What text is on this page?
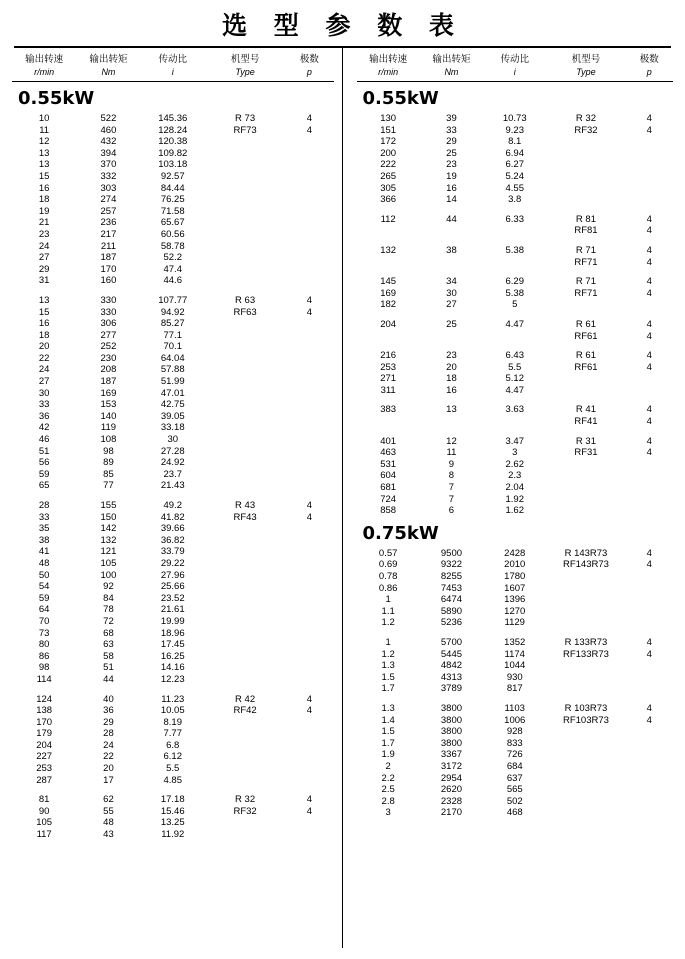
选 型 参 数 表
输出转速	输出转矩	传动比	机型号	极数
r/min	Nm	i	Type	p
0.55kW
10	522	145.36	R 73	4
11	460	128.24	RF73	4
12	432	120.38		
13	394	109.82		
13	370	103.18		
15	332	92.57		
16	303	84.44		
18	274	76.25		
19	257	71.58		
21	236	65.67		
23	217	60.56		
24	211	58.78		
27	187	52.2		
29	170	47.4		
31	160	44.6		

13	330	107.77	R 63	4
15	330	94.92	RF63	4
16	306	85.27		
18	277	77.1		
20	252	70.1		
22	230	64.04		
24	208	57.88		
27	187	51.99		
30	169	47.01		
33	153	42.75		
36	140	39.05		
42	119	33.18		
46	108	30		
51	98	27.28		
56	89	24.92		
59	85	23.7		
65	77	21.43		

28	155	49.2	R 43	4
33	150	41.82	RF43	4
35	142	39.66		
38	132	36.82		
41	121	33.79		
48	105	29.22		
50	100	27.96		
54	92	25.66		
59	84	23.52		
64	78	21.61		
70	72	19.99		
73	68	18.96		
80	63	17.45		
86	58	16.25		
98	51	14.16		
114	44	12.23		

124	40	11.23	R 42	4
138	36	10.05	RF42	4
170	29	8.19		
179	28	7.77		
204	24	6.8		
227	22	6.12		
253	20	5.5		
287	17	4.85		

81	62	17.18	R 32	4
90	55	15.46	RF32	4
105	48	13.25		
117	43	11.92		
输出转速	输出转矩	传动比	机型号	极数
r/min	Nm	i	Type	p
0.55kW
130	39	10.73	R 32	4
151	33	9.23	RF32	4
172	29	8.1		
200	25	6.94		
222	23	6.27		
265	19	5.24		
305	16	4.55		
366	14	3.8		

112	44	6.33	R 81	4
			RF81	4

132	38	5.38	R 71	4
			RF71	4

145	34	6.29	R 71	4
169	30	5.38	RF71	4
182	27	5		

204	25	4.47	R 61	4
			RF61	4

216	23	6.43	R 61	4
253	20	5.5	RF61	4
271	18	5.12		
311	16	4.47		

383	13	3.63	R 41	4
			RF41	4

401	12	3.47	R 31	4
463	11	3	RF31	4
531	9	2.62		
604	8	2.3		
681	7	2.04		
724	7	1.92		
858	6	1.62		
0.75kW
0.57	9500	2428	R 143R73	4
0.69	9322	2010	RF143R73	4
0.78	8255	1780		
0.86	7453	1607		
1	6474	1396		
1.1	5890	1270		
1.2	5236	1129		

1	5700	1352	R 133R73	4
1.2	5445	1174	RF133R73	4
1.3	4842	1044		
1.5	4313	930		
1.7	3789	817		

1.3	3800	1103	R 103R73	4
1.4	3800	1006	RF103R73	4
1.5	3800	928		
1.7	3800	833		
1.9	3367	726		
2	3172	684		
2.2	2954	637		
2.5	2620	565		
2.8	2328	502		
3	2170	468		
